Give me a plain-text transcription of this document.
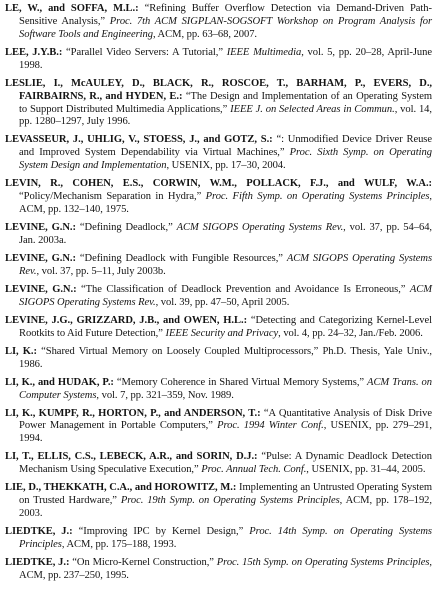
LE, W., and SOFFA, M.L.: “Refining Buffer Overflow Detection via Demand-Driven Path-Sensitive Analysis,” Proc. 7th ACM SIGPLAN-SOGSOFT Workshop on Program Analysis for Software Tools and Engineering, ACM, pp. 63–68, 2007.

LEE, J.Y.B.: “Parallel Video Servers: A Tutorial,” IEEE Multimedia, vol. 5, pp. 20–28, April-June 1998.

LESLIE, I., McAULEY, D., BLACK, R., ROSCOE, T., BARHAM, P., EVERS, D., FAIRBAIRNS, R., and HYDEN, E.: “The Design and Implementation of an Operating System to Support Distributed Multimedia Applications,” IEEE J. on Selected Areas in Commun., vol. 14, pp. 1280–1297, July 1996.

LEVASSEUR, J., UHLIG, V., STOESS, J., and GOTZ, S.: “: Unmodified Device Driver Reuse and Improved System Dependability via Virtual Machines,” Proc. Sixth Symp. on Operating System Design and Implementation, USENIX, pp. 17–30, 2004.

LEVIN, R., COHEN, E.S., CORWIN, W.M., POLLACK, F.J., and WULF, W.A.: “Policy/Mechanism Separation in Hydra,” Proc. Fifth Symp. on Operating Systems Principles, ACM, pp. 132–140, 1975.

LEVINE, G.N.: “Defining Deadlock,” ACM SIGOPS Operating Systems Rev., vol. 37, pp. 54–64, Jan. 2003a.

LEVINE, G.N.: “Defining Deadlock with Fungible Resources,” ACM SIGOPS Operating Systems Rev., vol. 37, pp. 5–11, July 2003b.

LEVINE, G.N.: “The Classification of Deadlock Prevention and Avoidance Is Erroneous,” ACM SIGOPS Operating Systems Rev., vol. 39, pp. 47–50, April 2005.

LEVINE, J.G., GRIZZARD, J.B., and OWEN, H.L.: “Detecting and Categorizing Kernel-Level Rootkits to Aid Future Detection,” IEEE Security and Privacy, vol. 4, pp. 24–32, Jan./Feb. 2006.

LI, K.: “Shared Virtual Memory on Loosely Coupled Multiprocessors,” Ph.D. Thesis, Yale Univ., 1986.

LI, K., and HUDAK, P.: “Memory Coherence in Shared Virtual Memory Systems,” ACM Trans. on Computer Systems, vol. 7, pp. 321–359, Nov. 1989.

LI, K., KUMPF, R., HORTON, P., and ANDERSON, T.: “A Quantitative Analysis of Disk Drive Power Management in Portable Computers,” Proc. 1994 Winter Conf., USENIX, pp. 279–291, 1994.

LI, T., ELLIS, C.S., LEBECK, A.R., and SORIN, D.J.: “Pulse: A Dynamic Deadlock Detection Mechanism Using Speculative Execution,” Proc. Annual Tech. Conf., USENIX, pp. 31–44, 2005.

LIE, D., THEKKATH, C.A., and HOROWITZ, M.: Implementing an Untrusted Operating System on Trusted Hardware,” Proc. 19th Symp. on Operating Systems Principles, ACM, pp. 178–192, 2003.

LIEDTKE, J.: “Improving IPC by Kernel Design,” Proc. 14th Symp. on Operating Systems Principles, ACM, pp. 175–188, 1993.

LIEDTKE, J.: “On Micro-Kernel Construction,” Proc. 15th Symp. on Operating Systems Principles, ACM, pp. 237–250, 1995.
